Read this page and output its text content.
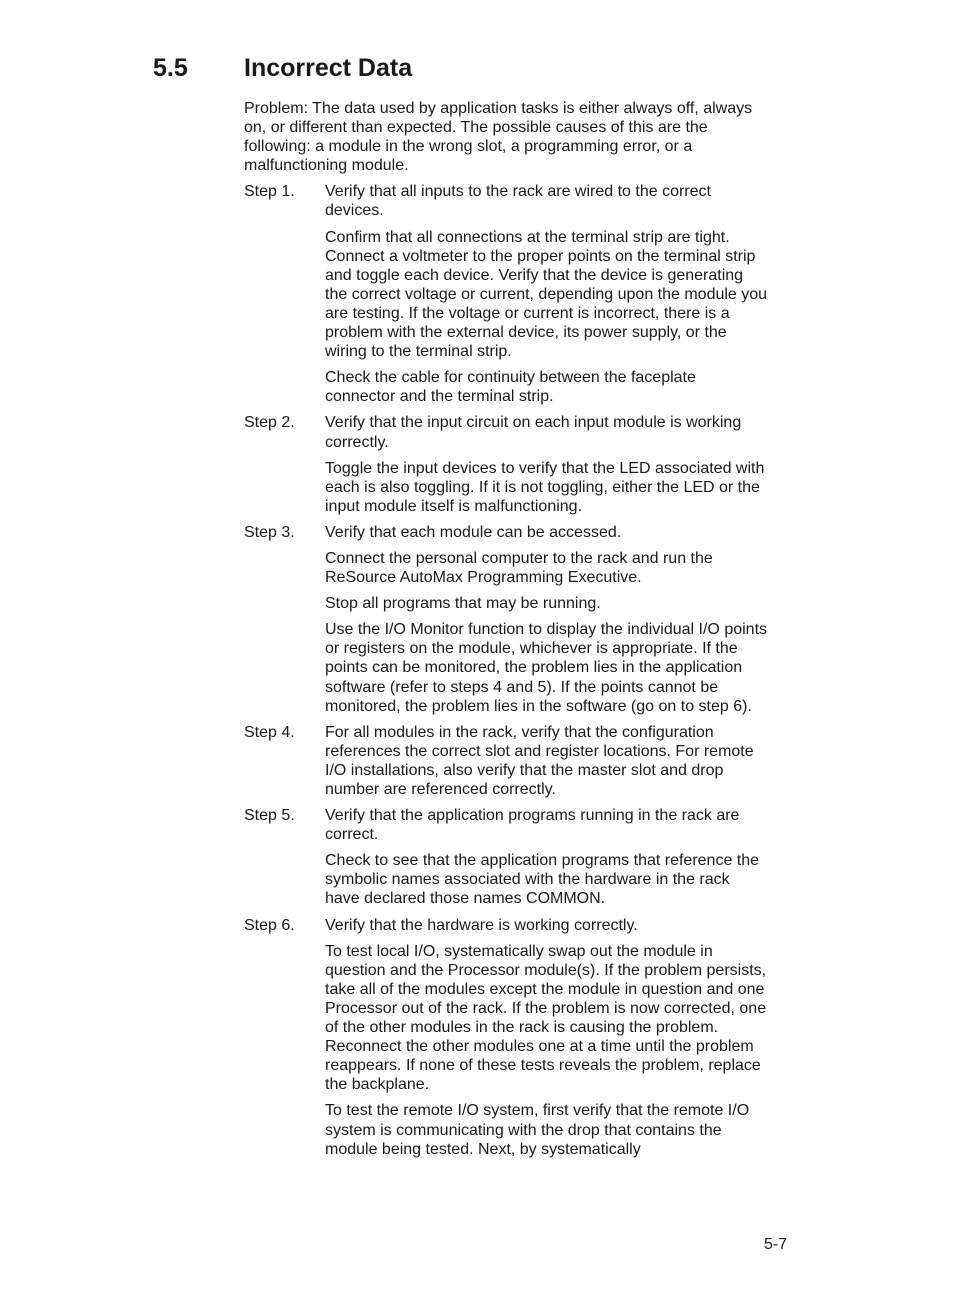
5.5	Incorrect Data

Problem: The data used by application tasks is either always off, always on, or different than expected. The possible causes of this are the following: a module in the wrong slot, a programming error, or a malfunctioning module.

Step 1.	Verify that all inputs to the rack are wired to the correct devices.

Confirm that all connections at the terminal strip are tight. Connect a voltmeter to the proper points on the terminal strip and toggle each device. Verify that the device is generating the correct voltage or current, depending upon the module you are testing. If the voltage or current is incorrect, there is a problem with the external device, its power supply, or the wiring to the terminal strip.

Check the cable for continuity between the faceplate connector and the terminal strip.

Step 2.	Verify that the input circuit on each input module is working correctly.

Toggle the input devices to verify that the LED associated with each is also toggling. If it is not toggling, either the LED or the input module itself is malfunctioning.

Step 3.	Verify that each module can be accessed.

Connect the personal computer to the rack and run the ReSource AutoMax Programming Executive.

Stop all programs that may be running.

Use the I/O Monitor function to display the individual I/O points or registers on the module, whichever is appropriate. If the points can be monitored, the problem lies in the application software (refer to steps 4 and 5). If the points cannot be monitored, the problem lies in the software (go on to step 6).

Step 4.	For all modules in the rack, verify that the configuration references the correct slot and register locations. For remote I/O installations, also verify that the master slot and drop number are referenced correctly.

Step 5.	Verify that the application programs running in the rack are correct.

Check to see that the application programs that reference the symbolic names associated with the hardware in the rack have declared those names COMMON.

Step 6.	Verify that the hardware is working correctly.

To test local I/O, systematically swap out the module in question and the Processor module(s). If the problem persists, take all of the modules except the module in question and one Processor out of the rack. If the problem is now corrected, one of the other modules in the rack is causing the problem. Reconnect the other modules one at a time until the problem reappears. If none of these tests reveals the problem, replace the backplane.

To test the remote I/O system, first verify that the remote I/O system is communicating with the drop that contains the module being tested. Next, by systematically

5-7
